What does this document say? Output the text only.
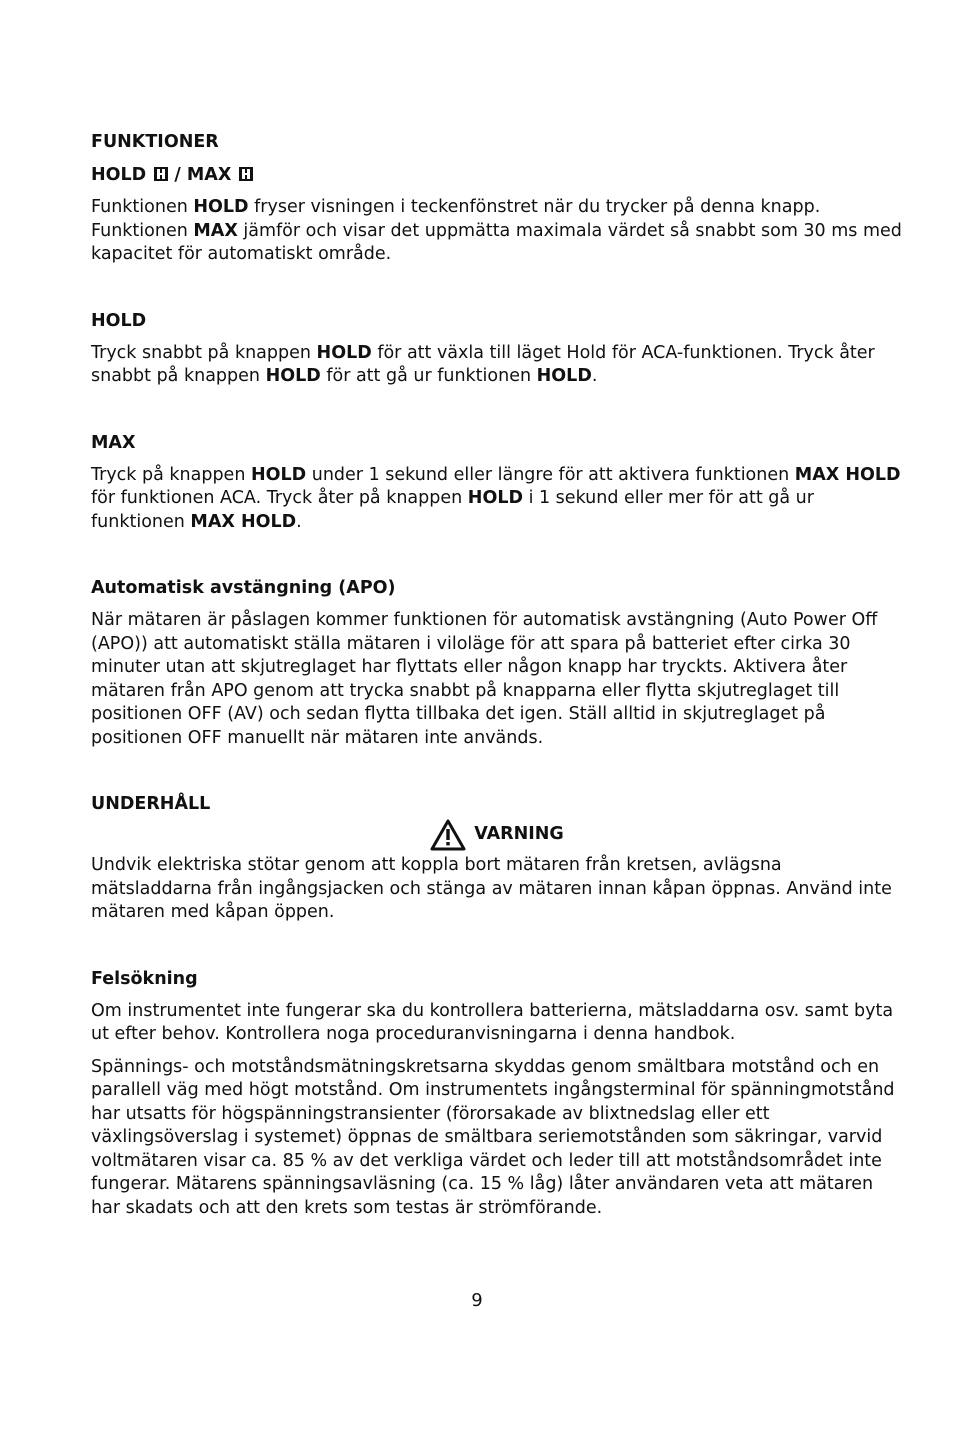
FUNKTIONER
HOLD
/ MAX

Funktionen HOLD fryser visningen i teckenfönstret när du trycker på denna knapp. Funktionen MAX jämför och visar det uppmätta maximala värdet så snabbt som 30 ms med kapacitet för automatiskt område.

HOLD

Tryck snabbt på knappen HOLD för att växla till läget Hold för ACA-funktionen. Tryck åter snabbt på knappen HOLD för att gå ur funktionen HOLD.

MAX

Tryck på knappen HOLD under 1 sekund eller längre för att aktivera funktionen MAX HOLD för funktionen ACA. Tryck åter på knappen HOLD i 1 sekund eller mer för att gå ur funktionen MAX HOLD.

Automatisk avstängning (APO)

När mätaren är påslagen kommer funktionen för automatisk avstängning (Auto Power Off (APO)) att automatiskt ställa mätaren i viloläge för att spara på batteriet efter cirka 30 minuter utan att skjutreglaget har flyttats eller någon knapp har tryckts. Aktivera åter mätaren från APO genom att trycka snabbt på knapparna eller flytta skjutreglaget till positionen OFF (AV) och sedan flytta tillbaka det igen. Ställ alltid in skjutreglaget på positionen OFF manuellt när mätaren inte används.

UNDERHÅLL
VARNING

Undvik elektriska stötar genom att koppla bort mätaren från kretsen, avlägsna mätsladdarna från ingångsjacken och stänga av mätaren innan kåpan öppnas. Använd inte mätaren med kåpan öppen.

Felsökning

Om instrumentet inte fungerar ska du kontrollera batterierna, mätsladdarna osv. samt byta ut efter behov. Kontrollera noga proceduranvisningarna i denna handbok.

Spännings- och motståndsmätningskretsarna skyddas genom smältbara motstånd och en parallell väg med högt motstånd. Om instrumentets ingångsterminal för spänningmotstånd har utsatts för högspänningstransienter (förorsakade av blixtnedslag eller ett växlingsöverslag i systemet) öppnas de smältbara seriemotstånden som säkringar, varvid voltmätaren visar ca. 85 % av det verkliga värdet och leder till att motståndsområdet inte fungerar. Mätarens spänningsavläsning (ca. 15 % låg) låter användaren veta att mätaren har skadats och att den krets som testas är strömförande.

9
